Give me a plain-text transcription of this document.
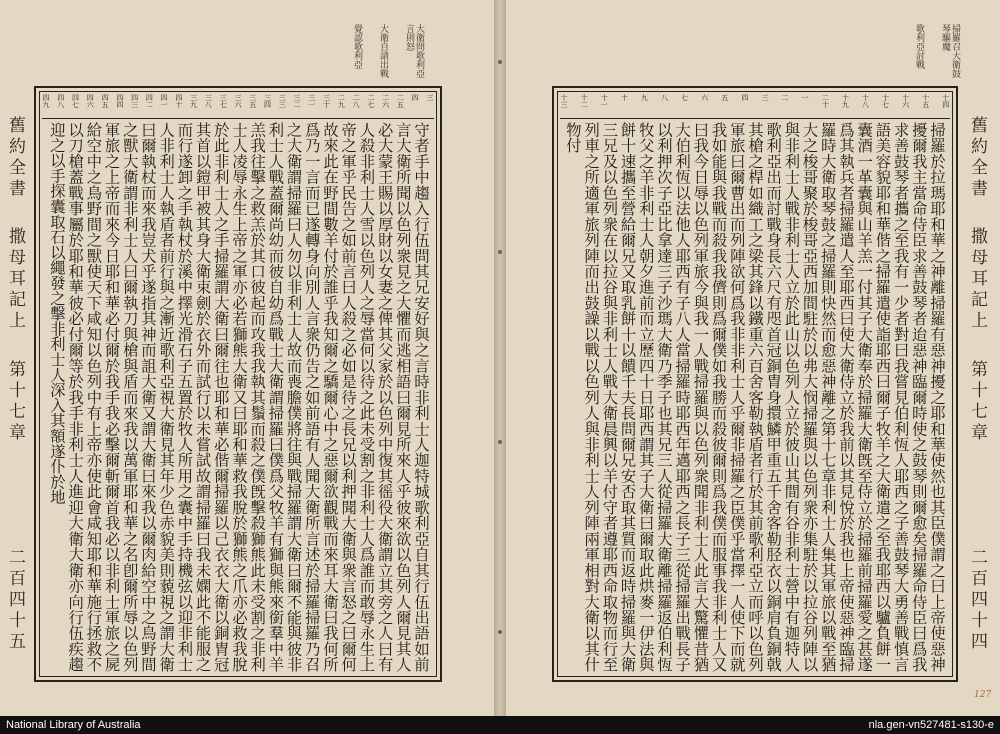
大衛問歌利亞言則怒
大衛自請出戰
覺認歌利亞
三
四
二五
二六
二七
二八
二九
三十
三一
三二
三三
三四
三五
三六
三七
三八
三九
四十
四一
四二
四三
四四
四五
四六
四七
四八
四九

守者手中趨入行伍問其兄安好與之言時非利士人迦特城歌利亞自其行伍出語如前言大衛所聞以色列衆見之大懼而逃相語曰爾見所來人乎彼來欲以色列人爾見其人必大蒙王賜以厚財以女妻之俾其父家於以色列中復其徭役大衛謂立其旁之人曰有人殺非利士人雪以色列人之辱當何以待之此未受割之非利士人爲誰而敢辱永生上帝之軍乎民告之如前言曰人殺之必如是待之長兄以利押聞大衛與衆言怒之曰爾何故來此在野間數羊付於誰乎我知爾之驕爾心中之惡爾欲觀戰而來耳大衛曰我何所爲乃一言而已遂轉身向別人言衆仍告之如前語有人聞大衛所言述於掃羅掃羅乃召之大衛謂掃羅曰人勿以非利士人故而喪膽僕將往與戰掃羅謂大衛曰爾不能與彼非利士人戰蓋爾尚幼而彼自幼爲戰士大衛謂掃羅曰僕爲父牧羊有獅與熊來銜羣中羊羔我往擊之救羔於其口彼起而攻我我執其鬚而殺之僕旣擊殺獅熊此未受割之非利士人凌辱永生上帝之軍亦必若獅熊大衛又曰耶和華救我脫於獅熊之爪亦必救我脫於此非利士人之手掃羅謂大衛曰爾往也耶和華必偕爾掃羅以己衣衣大衛以銅胄冠其首以鎧甲被其身大衛束劍於衣外而試行以未嘗試故謂掃羅曰我未嫻此不能服之而行遂卸之手執杖於溪中擇光滑石子五置於牧人所用之囊中手持機弦以迎非利士人非利士人執盾者前行與之漸近歌利亞視大衛見其年少色赤貌美則藐視之謂大衛曰爾執杖而來我豈犬乎遂指其神而詛大衛又謂大衛曰來我以爾肉給空中之鳥野間之獸大衛謂非利士人曰爾執刀與槍與盾而來我以萬軍耶和華之名卽爾所辱以色列軍旅之上帝而來今日耶和華必付爾於我手我必擊爾斬爾首我必以非利士軍旅之屍給空中之鳥野間之獸使天下咸知以色列中有上帝亦使此會咸知耶和華施行拯救不以刀槍蓋戰事屬於耶和華彼必付爾等於我手非利士人進迎大衛大衛亦向行伍疾趨迎之以手探囊取石以繩發之擊非利士人深入其額遂仆於地

舊約全書 撒母耳記上 第十七章
二百四十五
掃羅召大衛鼓琴驅魔
歌利亞討戰
十四
十五
十六
十七
十八
十九
二十
一
二
三
四
五
六
七
八
九
十
十一
十二
十三

掃羅於拉瑪耶和華之神離掃羅有惡神擾之耶和華使然也其臣僕謂之曰上帝使惡神擾爾我主當命侍臣求善鼓琴者迨惡神臨爾時使之鼓琴則爾愈矣掃羅命侍臣曰爲我求善鼓琴者攜之至我有一少者對曰我嘗見伯利恆人耶西之子善鼓琴大勇善戰慎言語美容貌耶和華偕之掃羅遣使詣耶西曰爾子牧羊之大衛遣之至我耶西以驢負餅一囊酒一革囊與山羊羔一付其子大衛奉於掃羅大衛旣至侍立於掃羅前掃羅愛之甚遂爲其執兵者掃羅遣人至耶西曰使大衛侍立於我前以其見悅於我也上帝使惡神臨掃羅時大衛取琴鼓之掃羅則快然而愈惡神離之第十七章非利士人集其軍旅以戰至猶大之梭哥聚於梭哥亞西加間駐於以弗大悯掃羅與以色列衆亦集駐於以拉谷列陣以與非利士人戰非利士人立於此山以色列人立於彼山其間有谷非利士營中有迦特人歌利亞出而討戰身長六尺有咫首冠銅胄身擐鱗甲重五千舍客勒胫衣以銅肩負銅戟其槍之桿如織工之梁其鋒以鐵重六百舍客勒執盾者行於其前歌利亞立而呼以色列軍旅曰爾曹出而列陣欲何爲我非非利士人乎爾非掃羅之臣僕乎當擇一人使下而就我如能與我戰而殺我我儕則爲爾僕如我勝而殺彼爾則爲我僕而服事我非利士人又曰我今日辱以色列軍旅今與我一人戰掃羅與以色列衆聞非利士人此言大驚懼昔猶大伯利恆以法他人耶西有子八人當掃羅時耶西年邁耶西之長子三從掃羅出戰長子以利押次子亞比拿達三子沙瑪大衛乃季子也其兄三人從掃羅大衛離掃羅返伯利恆牧父之羊非利士人朝夕進前而立歷四十日耶西謂其子大衛曰爾取此烘麥一伊法與餅十速攜至營給爾兄又取乳餅十以饋千夫長問爾兄安否取其質而返時掃羅與大衛三兄及以色列衆在以拉谷與非利士人戰大衛晨興以羊付守者遵耶西命取物而行至列車之所適軍旅列陣而出鼓譟以戰以色列人與非利士人列陣兩軍相對大衛以其什物付	舊約全書 撒母耳記上 第十七章
二百四十四
127
National Library of Australia	nla.gen-vn527481-s130-e
